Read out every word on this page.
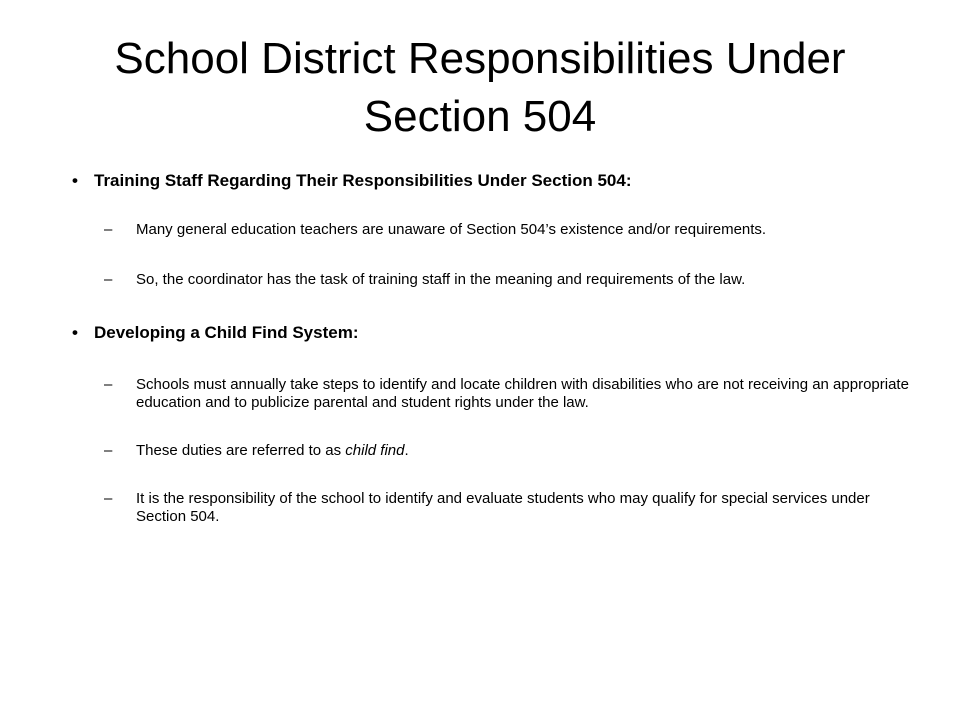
School District Responsibilities Under Section 504
• Training Staff Regarding Their Responsibilities Under Section 504:
– Many general education teachers are unaware of Section 504’s existence and/or requirements.
– So, the coordinator has the task of training staff in the meaning and requirements of the law.
• Developing a Child Find System:
– Schools must annually take steps to identify and locate children with disabilities who are not receiving an appropriate education and to publicize parental and student rights under the law.
– These duties are referred to as child find.
– It is the responsibility of the school to identify and evaluate students who may qualify for special services under Section 504.
